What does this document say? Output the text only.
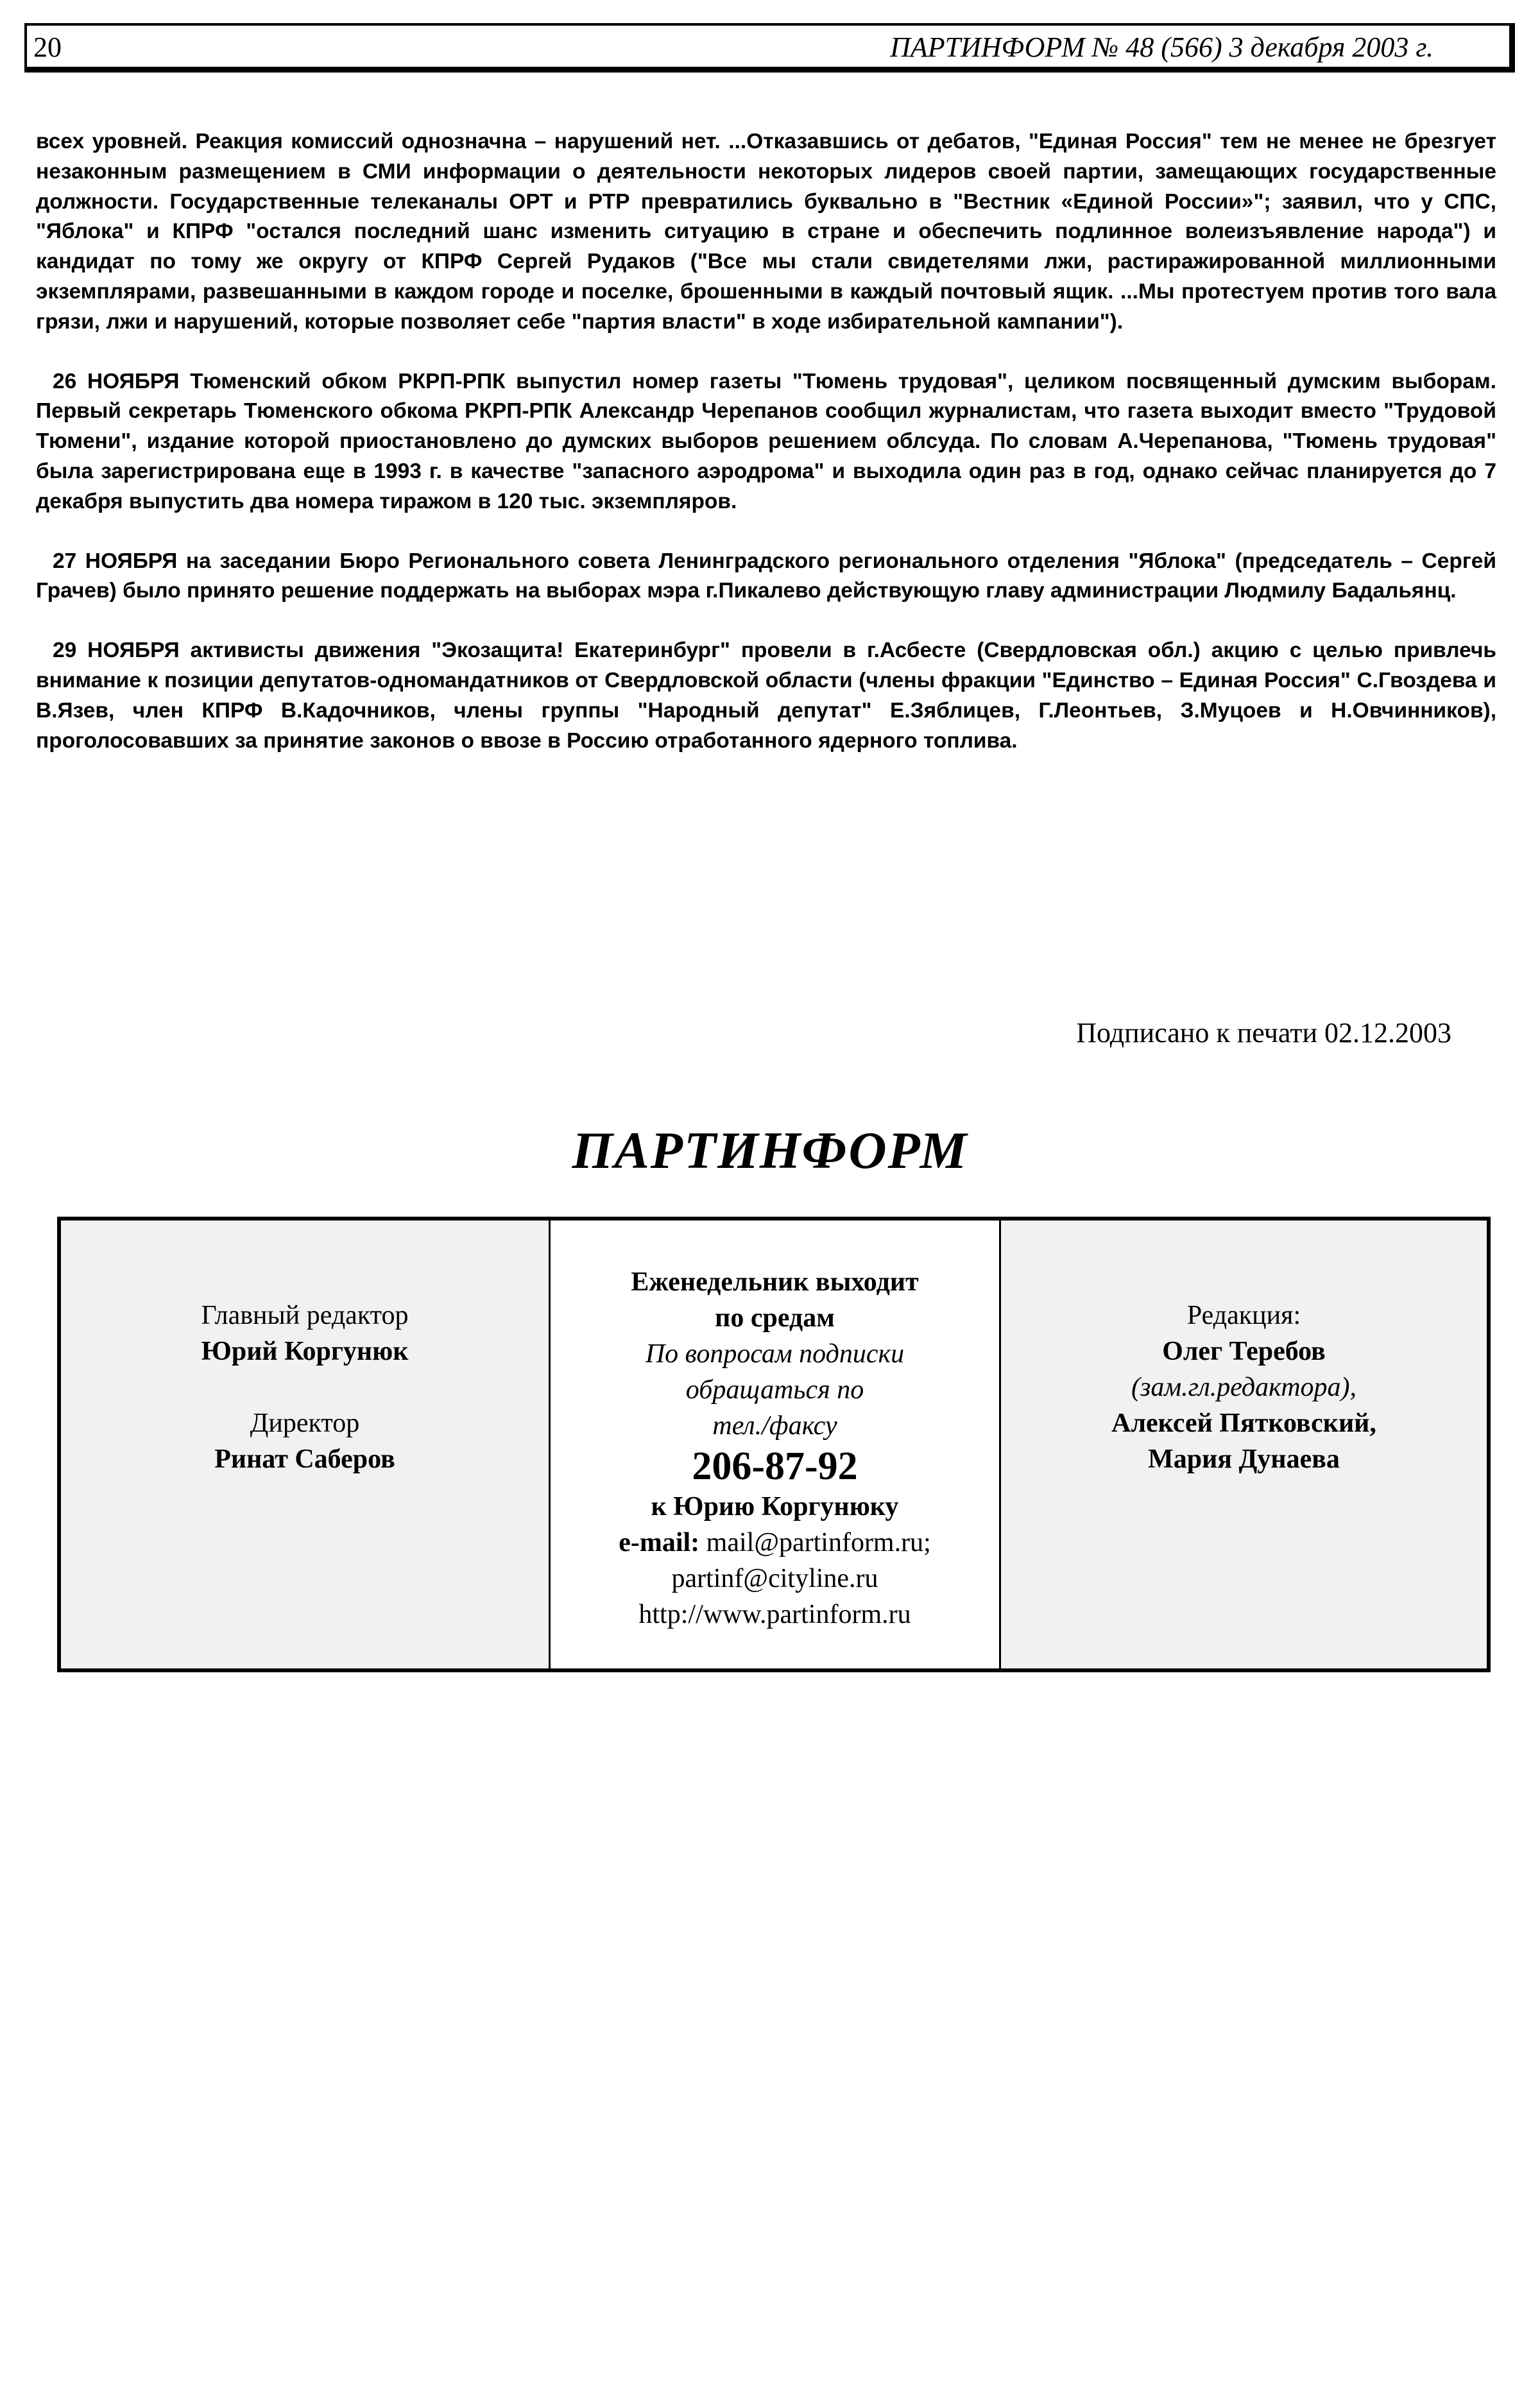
20	ПАРТИНФОРМ № 48 (566) 3 декабря 2003 г.

всех уровней. Реакция комиссий однозначна – нарушений нет. ...Отказавшись от дебатов, "Единая Россия" тем не менее не брезгует незаконным размещением в СМИ информации о деятельности некоторых лидеров своей партии, замещающих государственные должности. Государственные телеканалы ОРТ и РТР превратились буквально в "Вестник «Единой России»"; заявил, что у СПС, "Яблока" и КПРФ "остался последний шанс изменить ситуацию в стране и обеспечить подлинное волеизъявление народа") и кандидат по тому же округу от КПРФ Сергей Рудаков ("Все мы стали свидетелями лжи, растиражированной миллионными экземплярами, развешанными в каждом городе и поселке, брошенными в каждый почтовый ящик. ...Мы протестуем против того вала грязи, лжи и нарушений, которые позволяет себе "партия власти" в ходе избирательной кампании").

26 НОЯБРЯ Тюменский обком РКРП-РПК выпустил номер газеты "Тюмень трудовая", целиком посвященный думским выборам. Первый секретарь Тюменского обкома РКРП-РПК Александр Черепанов сообщил журналистам, что газета выходит вместо "Трудовой Тюмени", издание которой приостановлено до думских выборов решением облсуда. По словам А.Черепанова, "Тюмень трудовая" была зарегистрирована еще в 1993 г. в качестве "запасного аэродрома" и выходила один раз в год, однако сейчас планируется до 7 декабря выпустить два номера тиражом в 120 тыс. экземпляров.

27 НОЯБРЯ на заседании Бюро Регионального совета Ленинградского регионального отделения "Яблока" (председатель – Сергей Грачев) было принято решение поддержать на выборах мэра г.Пикалево действующую главу администрации Людмилу Бадальянц.

29 НОЯБРЯ активисты движения "Экозащита! Екатеринбург" провели в г.Асбесте (Свердловская обл.) акцию с целью привлечь внимание к позиции депутатов-одномандатников от Свердловской области (члены фракции "Единство – Единая Россия" С.Гвоздева и В.Язев, член КПРФ В.Кадочников, члены группы "Народный депутат" Е.Зяблицев, Г.Леонтьев, З.Муцоев и Н.Овчинников), проголосовавших за принятие законов о ввозе в Россию отработанного ядерного топлива.

Подписано к печати 02.12.2003
ПАРТИНФОРМ
Главный редактор
Юрий Коргунюк
Директор
Ринат Саберов
Еженедельник выходит
по средам
По вопросам подписки
обращаться по
тел./факсу
206-87-92
к Юрию Коргунюку
e-mail: mail@partinform.ru;
partinf@cityline.ru
http://www.partinform.ru
Редакция:
Олег Теребов
(зам.гл.редактора),
Алексей Пятковский,
Мария Дунаева
